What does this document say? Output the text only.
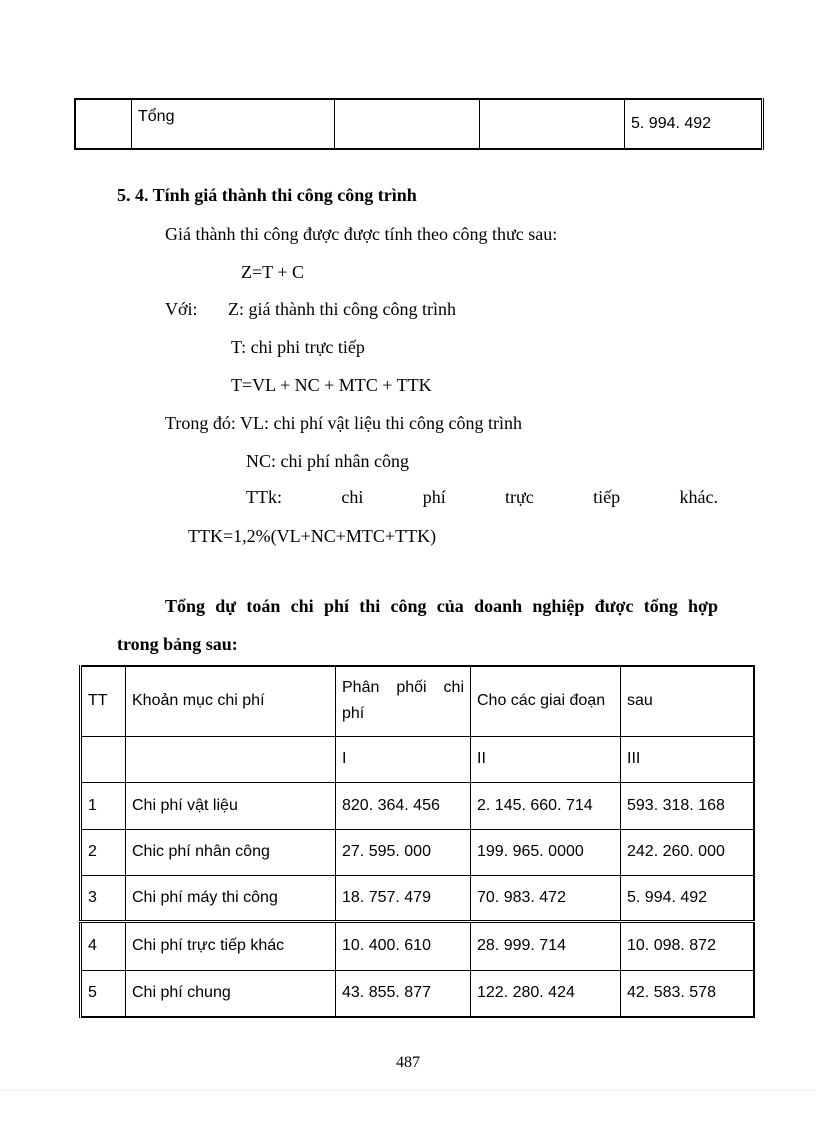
	Tổng			5. 994. 492
5. 4. Tính giá thành thi công công trình
Giá thành thi công được được tính theo công thưc sau:
Z=T + C
Với: Z: giá thành thi công công trình
T: chi phi trực tiếp
T=VL + NC + MTC + TTK
Trong đó: VL: chi phí vật liệu thi công công trình
NC: chi phí nhân công
TTk:	chi	phí	trực	tiếp	khác.
TTK=1,2%(VL+NC+MTC+TTK)
Tổng dự toán chi phí thi công của doanh nghiệp được tổng hợp
trong bảng sau:
TT	Khoản mục chi phí	Phân phối chi phí	Cho các giai đoạn	sau
		I	II	III
1	Chi phí vật liệu	820. 364. 456	2. 145. 660. 714	593. 318. 168
2	Chic phí nhân công	27. 595. 000	199. 965. 0000	242. 260. 000
3	Chi phí máy thi công	18. 757. 479	70. 983. 472	5. 994. 492
4	Chi phí trực tiếp khác	10. 400. 610	28. 999. 714	10. 098. 872
5	Chi phí chung	43. 855. 877	122. 280. 424	42. 583. 578
487
